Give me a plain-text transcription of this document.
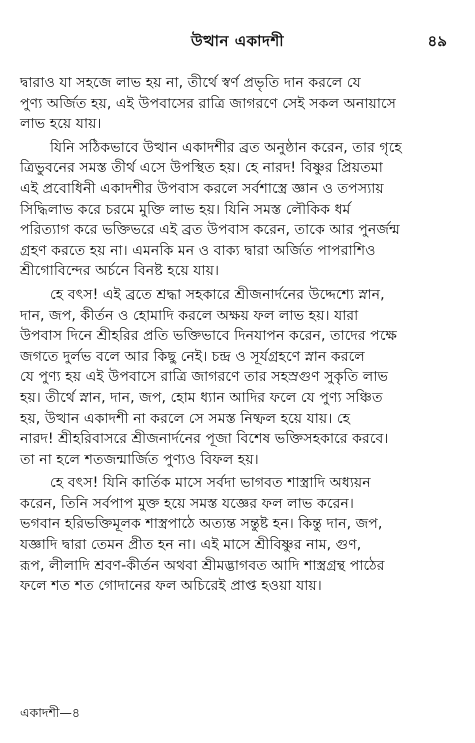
উত্থান একাদশী	৪৯
দ্বারাও যা সহজে লাভ হয় না, তীর্থে স্বর্ণ প্রভৃতি দান করলে যে
পুণ্য অর্জিত হয়, এই উপবাসের রাত্রি জাগরণে সেই সকল অনায়াসে
লাভ হয়ে যায়।
যিনি সঠিকভাবে উত্থান একাদশীর ব্রত অনুষ্ঠান করেন, তার গৃহে
ত্রিভুবনের সমস্ত তীর্থ এসে উপস্থিত হয়। হে নারদ! বিষ্ণুর প্রিয়তমা
এই প্রবোধিনী একাদশীর উপবাস করলে সর্বশাস্ত্রে জ্ঞান ও তপস্যায়
সিদ্ধিলাভ করে চরমে মুক্তি লাভ হয়। যিনি সমস্ত লৌকিক ধর্ম
পরিত্যাগ করে ভক্তিভরে এই ব্রত উপবাস করেন, তাকে আর পুনর্জন্ম
গ্রহণ করতে হয় না। এমনকি মন ও বাক্য দ্বারা অর্জিত পাপরাশিও
শ্রীগোবিন্দের অর্চনে বিনষ্ট হয়ে যায়।
হে বৎস! এই ব্রতে শ্রদ্ধা সহকারে শ্রীজনার্দনের উদ্দেশ্যে স্নান,
দান, জপ, কীর্তন ও হোমাদি করলে অক্ষয় ফল লাভ হয়। যারা
উপবাস দিনে শ্রীহরির প্রতি ভক্তিভাবে দিনযাপন করেন, তাদের পক্ষে
জগতে দুর্লভ বলে আর কিছু নেই। চন্দ্র ও সূর্যগ্রহণে স্নান করলে
যে পুণ্য হয় এই উপবাসে রাত্রি জাগরণে তার সহস্রগুণ সুকৃতি লাভ
হয়। তীর্থে স্নান, দান, জপ, হোম ধ্যান আদির ফলে যে পুণ্য সঞ্চিত
হয়, উত্থান একাদশী না করলে সে সমস্ত নিষ্ফল হয়ে যায়। হে
নারদ! শ্রীহরিবাসরে শ্রীজনার্দনের পূজা বিশেষ ভক্তিসহকারে করবে।
তা না হলে শতজন্মার্জিত পুণ্যও বিফল হয়।
হে বৎস! যিনি কার্তিক মাসে সর্বদা ভাগবত শাস্ত্রাদি অধ্যয়ন
করেন, তিনি সর্বপাপ মুক্ত হয়ে সমস্ত যজ্ঞের ফল লাভ করেন।
ভগবান হরিভক্তিমূলক শাস্ত্রপাঠে অত্যন্ত সন্তুষ্ট হন। কিন্তু দান, জপ,
যজ্ঞাদি দ্বারা তেমন প্রীত হন না। এই মাসে শ্রীবিষ্ণুর নাম, গুণ,
রূপ, লীলাদি শ্রবণ-কীর্তন অথবা শ্রীমদ্ভাগবত আদি শাস্ত্রগ্রন্থ পাঠের
ফলে শত শত গোদানের ফল অচিরেই প্রাপ্ত হওয়া যায়।
একাদশী—৪
